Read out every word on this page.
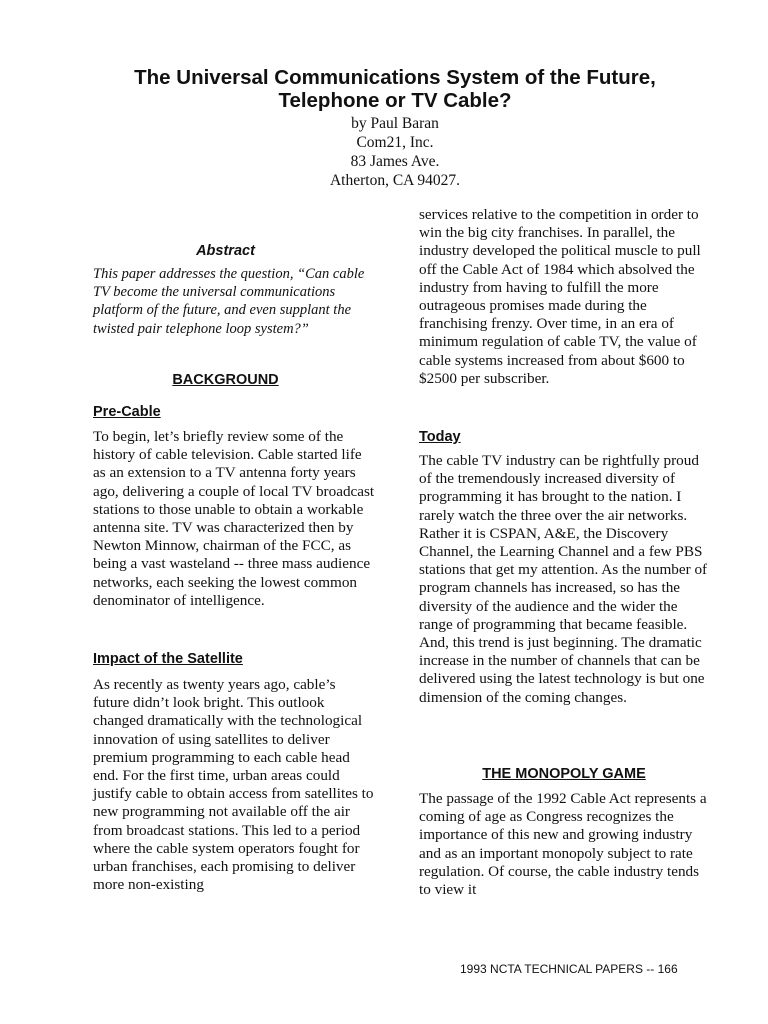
The Universal Communications System of the Future,
Telephone or TV Cable?
by Paul Baran
Com21, Inc.
83 James Ave.
Atherton, CA 94027.
Abstract
This paper addresses the question, “Can cable TV become the universal communications platform of the future, and even supplant the twisted pair telephone loop system?”
BACKGROUND
Pre-Cable

To begin, let’s briefly review some of the history of cable television. Cable started life as an extension to a TV antenna forty years ago, delivering a couple of local TV broadcast stations to those unable to obtain a workable antenna site. TV was characterized then by Newton Minnow, chairman of the FCC, as being a vast wasteland -- three mass audience networks, each seeking the lowest common denominator of intelligence.

Impact of the Satellite

As recently as twenty years ago, cable’s future didn’t look bright. This outlook changed dramatically with the technological innovation of using satellites to deliver premium programming to each cable head end. For the first time, urban areas could justify cable to obtain access from satellites to new programming not available off the air from broadcast stations. This led to a period where the cable system operators fought for urban franchises, each promising to deliver more non-existing

services relative to the competition in order to win the big city franchises. In parallel, the industry developed the political muscle to pull off the Cable Act of 1984 which absolved the industry from having to fulfill the more outrageous promises made during the franchising frenzy. Over time, in an era of minimum regulation of cable TV, the value of cable systems increased from about $600 to $2500 per subscriber.

Today

The cable TV industry can be rightfully proud of the tremendously increased diversity of programming it has brought to the nation. I rarely watch the three over the air networks. Rather it is CSPAN, A&E, the Discovery Channel, the Learning Channel and a few PBS stations that get my attention. As the number of program channels has increased, so has the diversity of the audience and the wider the range of programming that became feasible. And, this trend is just beginning. The dramatic increase in the number of channels that can be delivered using the latest technology is but one dimension of the coming changes.

THE MONOPOLY GAME

The passage of the 1992 Cable Act represents a coming of age as Congress recognizes the importance of this new and growing industry and as an important monopoly subject to rate regulation. Of course, the cable industry tends to view it

1993 NCTA TECHNICAL PAPERS -- 166
